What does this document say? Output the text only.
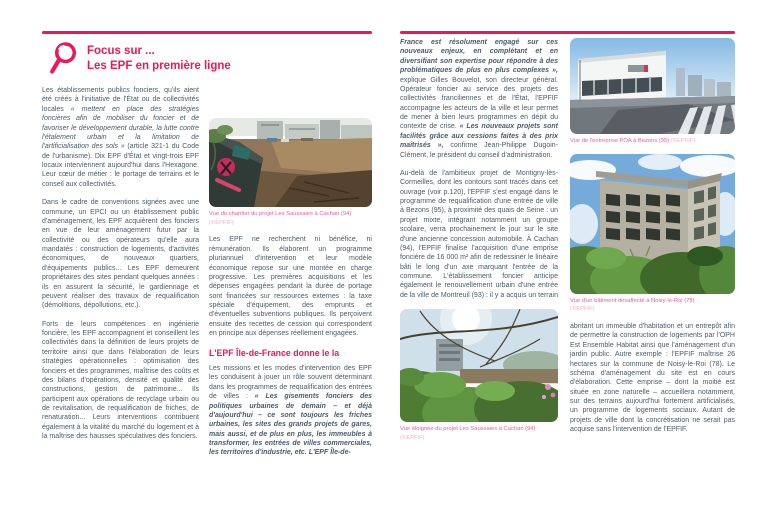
Focus sur ...
Les EPF en première ligne

Les établissements publics fonciers, qu'ils aient été créés à l'initiative de l'État ou de collectivités locales « mettent en place des stratégies foncières afin de mobiliser du foncier et de favoriser le développement durable, la lutte contre l'étalement urbain et la limitation de l'artificialisation des sols » (article 321-1 du Code de l'urbanisme). Dix EPF d'État et vingt-trois EPF locaux interviennent aujourd'hui dans l'Hexagone. Leur cœur de métier : le portage de terrains et le conseil aux collectivités.

Dans le cadre de conventions signées avec une commune, un EPCI ou un établissement public d'aménagement, les EPF acquièrent des fonciers en vue de leur aménagement futur par la collectivité ou des opérateurs qu'elle aura mandatés : construction de logements, d'activités économiques, de nouveaux quartiers, d'équipements publics... Les EPF demeurent propriétaires des sites pendant quelques années : ils en assurent la sécurité, le gardiennage et peuvent réaliser des travaux de requalification (démolitions, dépollutions, etc.).

Forts de leurs compétences en ingénierie foncière, les EPF accompagnent et conseillent les collectivités dans la définition de leurs projets de territoire ainsi que dans l'élaboration de leurs stratégies opérationnelles : optimisation des fonciers et des programmes, maîtrise des coûts et des bilans d'opérations, densité et qualité des constructions, gestion de patrimoine... Ils participent aux opérations de recyclage urbain ou de revitalisation, de requalification de friches, de renaturation... Leurs interventions contribuent également à la vitalité du marché du logement et à la maîtrise des hausses spéculatives des fonciers.

Vue du chantier du projet Les Saussaies à Cachan (94)
(©EPFIF)

Les EPF ne recherchent ni bénéfice, ni rémunération. Ils élaborent un programme pluriannuel d'intervention et leur modèle économique repose sur une montée en charge progressive. Les premières acquisitions et les dépenses engagées pendant la durée de portage sont financées sur ressources externes : la taxe spéciale d'équipement, des emprunts et d'éventuelles subventions publiques. Ils perçoivent ensuite des recettes de cession qui correspondent en principe aux dépenses réellement engagées.

L'EPF Île-de-France donne le la

Les missions et les modes d'intervention des EPF les conduisent à jouer un rôle souvent déterminant dans les programmes de requalification des entrées de villes : « Les gisements fonciers des politiques urbaines de demain – et déjà d'aujourd'hui – ce sont toujours les friches urbaines, les sites des grands projets de gares, mais aussi, et de plus en plus, les immeubles à transformer, les entrées de villes commerciales, les territoires d'industrie, etc. L'EPF Île-de-

France est résolument engagé sur ces nouveaux enjeux, en complétant et en diversifiant son expertise pour répondre à des problématiques de plus en plus complexes », explique Gilles Bouvelot, son directeur général. Opérateur foncier au service des projets des collectivités franciliennes et de l'État, l'EPFIF accompagne les acteurs de la ville et leur permet de mener à bien leurs programmes en dépit du contexte de crise. « Les nouveaux projets sont facilités grâce aux cessions faites à des prix maîtrisés », confirme Jean-Philippe Dugoin-Clément, le président du conseil d'administration.

Au-delà de l'ambitieux projet de Montigny-lès-Cormeilles, dont les contours sont tracés dans cet ouvrage (voir p.120), l'EPFIF s'est engagé dans le programme de requalification d'une entrée de ville à Bezons (95), à proximité des quais de Seine : un projet mixte, intégrant notamment un groupe scolaire, verra prochainement le jour sur le site d'une ancienne concession automobile. À Cachan (94), l'EPFIF finalise l'acquisition d'une emprise foncière de 16 000 m² afin de redessiner le linéaire bâti le long d'un axe marquant l'entrée de la commune. L'établissement foncier anticipe également le renouvellement urbain d'une entrée de la ville de Montreuil (93) : il y a acquis un terrain

Vue éloignée du projet Les Saussaies à Cachan (94)
(©EPFIF)
Vue de l'entreprise POA à Bezons (95) (©EPFIF)
Vue d'un bâtiment désaffecté à Noisy-le-Roi (78)
(©EPFIF)

abritant un immeuble d'habitation et un entrepôt afin de permettre la construction de logements par l'OPH Est Ensemble Habitat ainsi que l'aménagement d'un jardin public. Autre exemple : l'EPFIF maîtrise 26 hectares sur la commune de Noisy-le-Roi (78). Le schéma d'aménagement du site est en cours d'élaboration. Cette emprise – dont la moitié est située en zone naturelle – accueillera notamment, sur des terrains aujourd'hui fortement artificialisés, un programme de logements sociaux. Autant de projets de ville dont la concrétisation ne serait pas acquise sans l'intervention de l'EPFIF.
